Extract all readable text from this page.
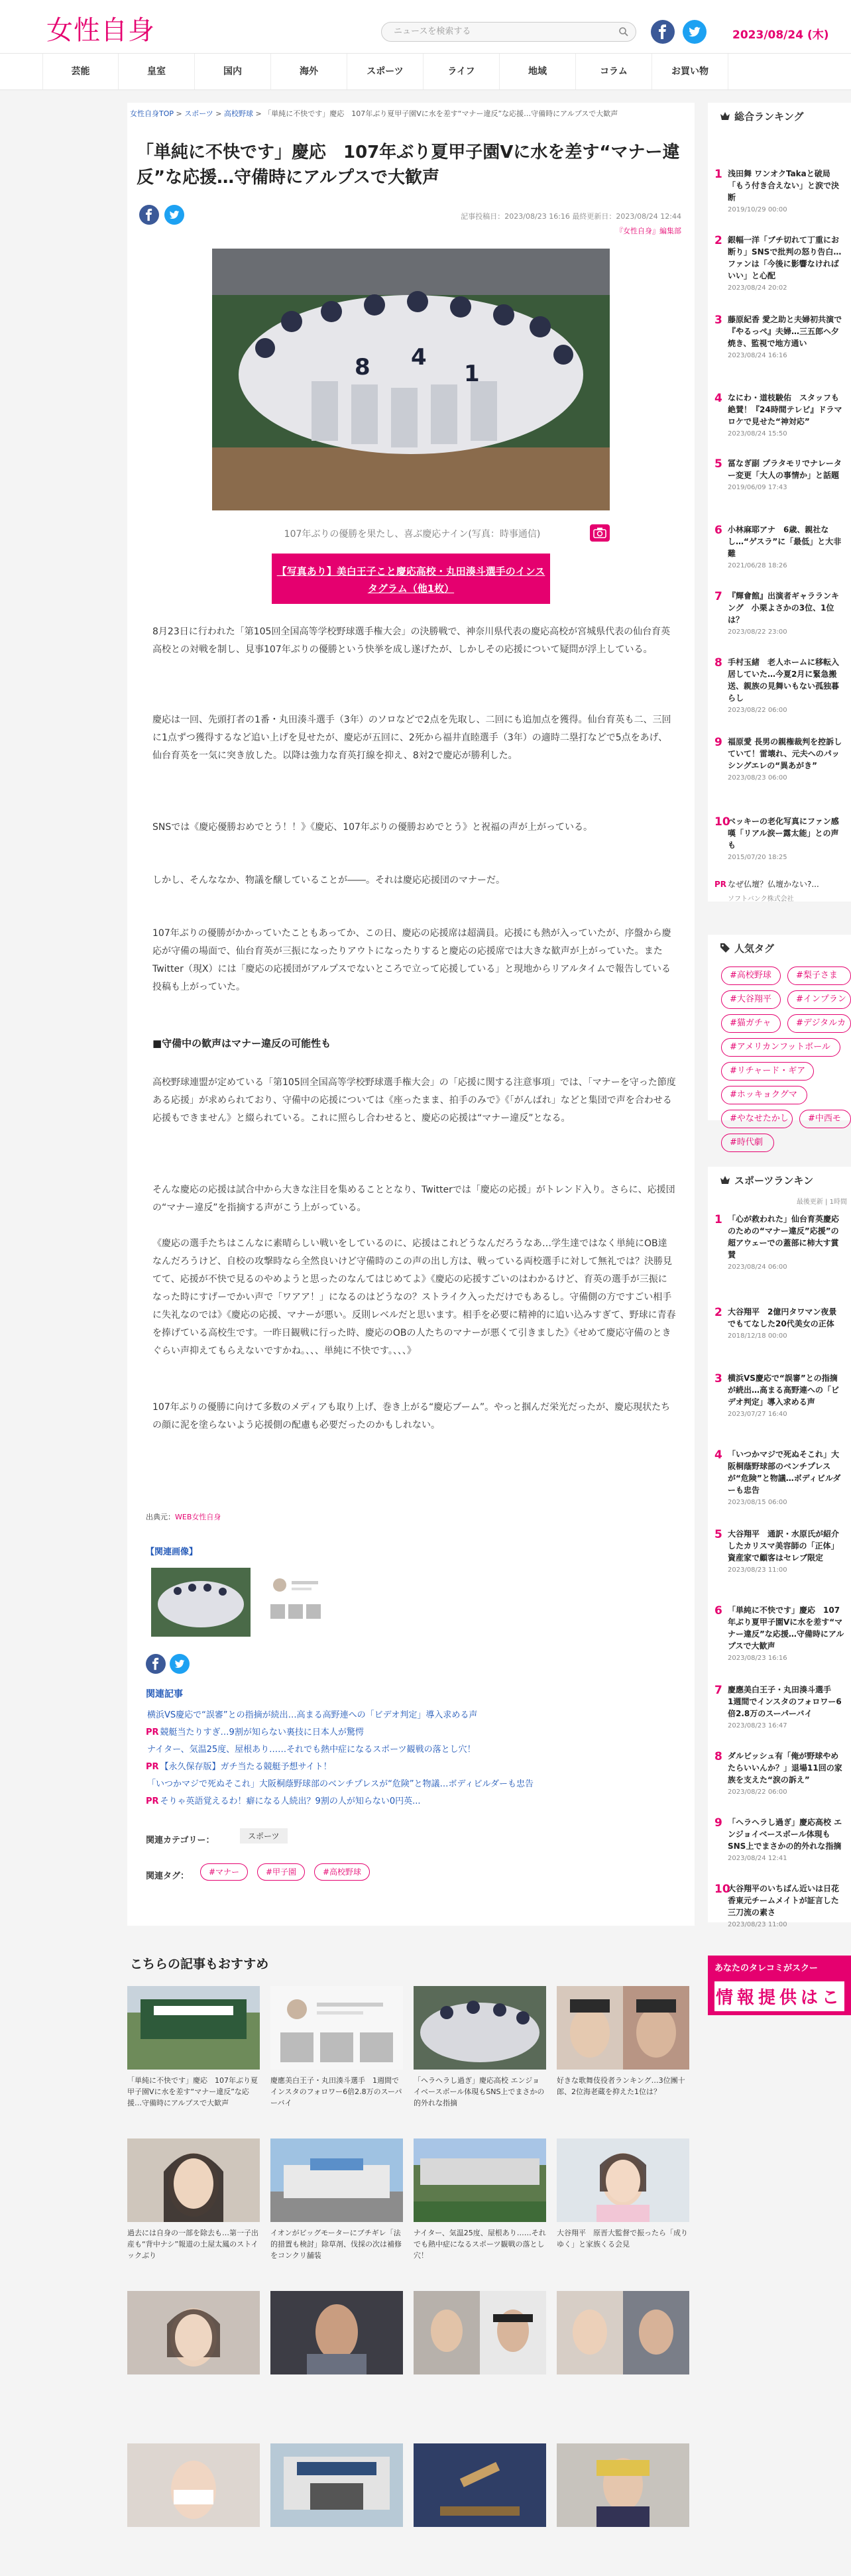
女性自身	ニュースを検索する	2023/08/24 (木)
芸能	皇室	国内	海外	スポーツ	ライフ	地域	コラム	お買い物
女性自身TOP > スポーツ > 高校野球 > 「単純に不快です」慶応　107年ぶり夏甲子園Vに水を差す“マナー違反”な応援…守備時にアルプスで大歓声
「単純に不快です」慶応　107年ぶり夏甲子園Vに水を差す“マナー違反”な応援…守備時にアルプスで大歓声
記事投稿日：2023/08/23 16:16 最終更新日：2023/08/24 12:44
『女性自身』編集部
8 4
1
107年ぶりの優勝を果たし、喜ぶ慶応ナイン(写真：時事通信)
【写真あり】美白王子こと慶応高校・丸田湊斗選手のインスタグラム（他1枚）

8月23日に行われた「第105回全国高等学校野球選手権大会」の決勝戦で、神奈川県代表の慶応高校が宮城県代表の仙台育英高校との対戦を制し、見事107年ぶりの優勝という快挙を成し遂げたが、しかしその応援について疑問が浮上している。

慶応は一回、先頭打者の1番・丸田湊斗選手（3年）のソロなどで2点を先取し、二回にも追加点を獲得。仙台育英も二、三回に1点ずつ獲得するなど追い上げを見せたが、慶応が五回に、2死から福井直睦選手（3年）の適時二塁打などで5点をあげ、仙台育英を一気に突き放した。以降は強力な育英打線を抑え、8対2で慶応が勝利した。

SNSでは《慶応優勝おめでとう！！》《慶応、107年ぶりの優勝おめでとう》と祝福の声が上がっている。

しかし、そんななか、物議を醸していることが――。それは慶応応援団のマナーだ。

107年ぶりの優勝がかかっていたこともあってか、この日、慶応の応援席は超満員。応援にも熱が入っていたが、序盤から慶応が守備の場面で、仙台育英が三振になったりアウトになったりすると慶応の応援席では大きな歓声が上がっていた。またTwitter（現X）には「慶応の応援団がアルプスでないところで立って応援している」と現地からリアルタイムで報告している投稿も上がっていた。

■守備中の歓声はマナー違反の可能性も

高校野球連盟が定めている「第105回全国高等学校野球選手権大会」の「応援に関する注意事項」では、「マナーを守った節度ある応援」が求められており、守備中の応援については《座ったまま、拍手のみで》《「がんばれ」などと集団で声を合わせる応援もできません》と綴られている。これに照らし合わせると、慶応の応援は“マナー違反”となる。

そんな慶応の応援は試合中から大きな注目を集めることとなり、Twitterでは「慶応の応援」がトレンド入り。さらに、応援団の“マナー違反”を指摘する声がこう上がっている。

《慶応の選手たちはこんなに素晴らしい戦いをしているのに、応援はこれどうなんだろうなあ…学生達ではなく単純にOB達なんだろうけど、自校の攻撃時なら全然良いけど守備時のこの声の出し方は、戦っている両校選手に対して無礼では？決勝見てて、応援が不快で見るのやめようと思ったのなんてはじめてよ》《慶応の応援すごいのはわかるけど、育英の選手が三振になった時にすげーでかい声で「ワアア！」になるのはどうなの？ストライク入っただけでもあるし。守備側の方ですごい相手に失礼なのでは》《慶応の応援、マナーが悪い。反則レベルだと思います。相手を必要に精神的に追い込みすぎて、野球に青春を捧げている高校生です。一昨日観戦に行った時、慶応のOBの人たちのマナーが悪くて引きました》《せめて慶応守備のときぐらい声抑えてもらえないですかね。、、、単純に不快です。、、、》

107年ぶりの優勝に向けて多数のメディアも取り上げ、巻き上がる“慶応ブーム”。やっと掴んだ栄光だったが、慶応現状たちの顔に泥を塗らないよう応援側の配慮も必要だったのかもしれない。

出典元：WEB女性自身
【関連画像】
関連記事
横浜VS慶応で“誤審”との指摘が続出…高まる高野連への「ビデオ判定」導入求める声
PR 競艇当たりすぎ…9割が知らない裏技に日本人が驚愕
ナイター、気温25度、屋根あり……それでも熱中症になるスポーツ観戦の落とし穴！
PR 【永久保存版】ガチ当たる競艇予想サイト！
「いつかマジで死ぬそこれ」大阪桐蔭野球部のベンチプレスが“危険”と物議…ボディビルダーも忠告
PR そりゃ英語覚えるわ！癖になる人続出？9割の人が知らない0円英...
関連カテゴリー：	スポーツ
関連タグ：	#マナー	#甲子園	#高校野球
こちらの記事もおすすめ
「単純に不快です」慶応　107年ぶり夏甲子園Vに水を差す“マナー違反”な応援…守備時にアルプスで大歓声
慶應美白王子・丸田湊斗選手　1週間でインスタのフォロワー6倍2.8万のスーパーバイ
「ヘラヘラし過ぎ」慶応高校 エンジョイベースボール体現もSNS上でまさかの的外れな指摘
好きな歌舞伎役者ランキング…3位團十郎、2位海老蔵を抑えた1位は？
過去には自身の一部を除去も…第一子出産も“背中ナシ”報道の土屋太鳳のストイックぶり
イオンがビッグモーターにブチギレ「法的措置も検討」除草剤、伐採の次は補修をコンクリ舗装
ナイター、気温25度、屋根あり……それでも熱中症になるスポーツ観戦の落とし穴！
大谷翔平　原晋大監督で振ったら「成りゆく」と家族くる会見
総合ランキング
1 浅田舞 ワンオクTakaと破局「もう付き合えない」と涙で決断
2019/10/29 00:00
2 銀幅一洋「ブチ切れて丁重にお断り」SNSで批判の怒り告白…ファンは「今後に影響なければいい」と心配
2023/08/24 20:02
3 藤原紀香 愛之助と夫婦初共演で『やるっぺ』夫婦…三五郎ヘ夕焼き、監視で地方通い
2023/08/24 16:16
4 なにわ・道枝駿佑　スタッフも絶賛！『24時間テレビ』ドラマロケで見せた“神対応”
2023/08/24 15:50
5 冨なぎ副 プラタモリでナレーター変更「大人の事情か」と話題
2019/06/09 17:43
6 小林麻耶アナ　6歳、親社なし…“ゲスラ”に「最低」と大非難
2021/06/28 18:26
7 『輝會館』出演者ギャラランキング　小栗よさかの3位、1位は？
2023/08/22 23:00
8 手村玉緒　老人ホームに移転入居していた…今夏2月に緊急搬送、親族の見舞いもない孤独暮らし
2023/08/22 06:00
9 福原愛 長男の親権裁判を控訴していて！雷壊れ、元夫へのパッシングエレの“異あがき”
2023/08/23 06:00
10
ベッキーの老化写真にファン感嘆「リアル涙ー露太能」との声も
2015/07/20 18:25
PR なぜ仏壇？仏壇かない?...
ソフトバンク株式会社
人気タグ
#高校野球	#梨子さま
#大谷翔平	#インプラン
#猫ガチャ	#デジタルカ
#アメリカンフットボール
#リチャード・ギア
#ホッキョクグマ
#やなせたかし	#中西モ
#時代劇
スポーツランキン
最後更新 | 1時間
1 「心が救われた」仙台育英慶応のための“マナー違反”応援”の超アウェーでの蓋部に柿大す賞賛
2023/08/24 06:00
2 大谷翔平　2億円タワマン夜景でもてなした20代美女の正体
2018/12/18 00:00
3 横浜VS慶応で“誤審”との指摘が続出…高まる高野連への「ビデオ判定」導入求める声
2023/07/27 16:40
4 「いつかマジで死ぬそこれ」大阪桐蔭野球部のベンチプレスが“危険”と物議…ボディビルダーも忠告
2023/08/15 06:00
5 大谷翔平　通訳・水原氏が紹介したカリスマ美容師の「正体」資産家で顧客はセレブ限定
2023/08/23 11:00
6 「単純に不快です」慶応　107年ぶり夏甲子園Vに水を差す“マナー違反”な応援…守備時にアルプスで大歓声
2023/08/23 16:16
7 慶應美白王子・丸田湊斗選手　1週間でインスタのフォロワー6倍2.8万のスーパーバイ
2023/08/23 16:47
8 ダルビッシュ有「俺が野球やめたらいいんか？」退場11回の家族を支えた“涙の訴え”
2023/08/22 06:00
9 「ヘラヘラし過ぎ」慶応高校 エンジョイベースボール体現もSNS上でまさかの的外れな指摘
2023/08/24 12:41
10
大谷翔平のいちばん近いは日花香東元チームメイトが証言した三刀流の素さ
2023/08/23 11:00
あなたのタレコミがスクー
情報提供はこ
